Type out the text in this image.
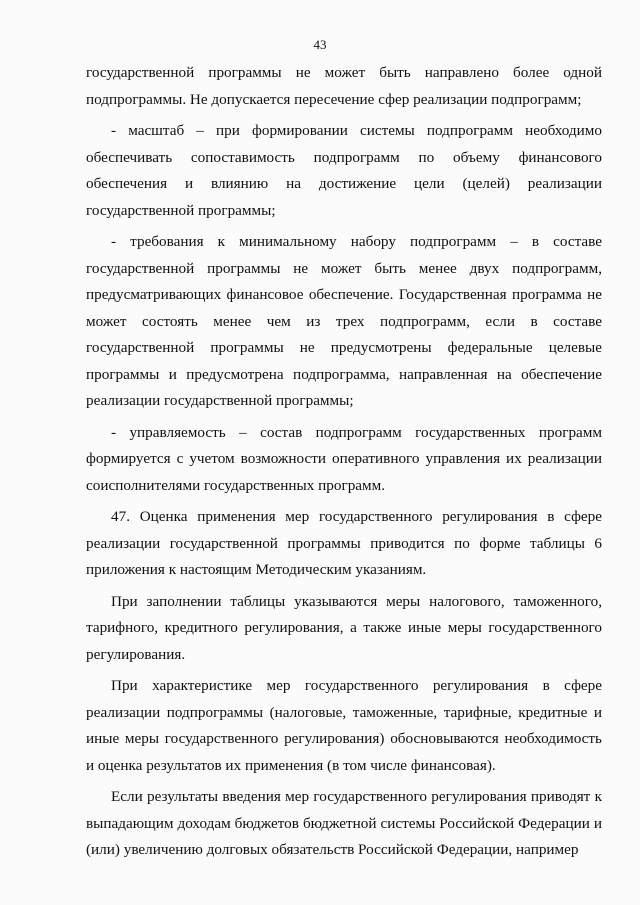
43

государственной программы не может быть направлено более одной подпрограммы. Не допускается пересечение сфер реализации подпрограмм;

- масштаб – при формировании системы подпрограмм необходимо обеспечивать сопоставимость подпрограмм по объему финансового обеспечения и влиянию на достижение цели (целей) реализации государственной программы;

- требования к минимальному набору подпрограмм – в составе государственной программы не может быть менее двух подпрограмм, предусматривающих финансовое обеспечение. Государственная программа не может состоять менее чем из трех подпрограмм, если в составе государственной программы не предусмотрены федеральные целевые программы и предусмотрена подпрограмма, направленная на обеспечение реализации государственной программы;

- управляемость – состав подпрограмм государственных программ формируется с учетом возможности оперативного управления их реализации соисполнителями государственных программ.

47. Оценка применения мер государственного регулирования в сфере реализации государственной программы приводится по форме таблицы 6 приложения к настоящим Методическим указаниям.

При заполнении таблицы указываются меры налогового, таможенного, тарифного, кредитного регулирования, а также иные меры государственного регулирования.

При характеристике мер государственного регулирования в сфере реализации подпрограммы (налоговые, таможенные, тарифные, кредитные и иные меры государственного регулирования) обосновываются необходимость и оценка результатов их применения (в том числе финансовая).

Если результаты введения мер государственного регулирования приводят к выпадающим доходам бюджетов бюджетной системы Российской Федерации и (или) увеличению долговых обязательств Российской Федерации, например
